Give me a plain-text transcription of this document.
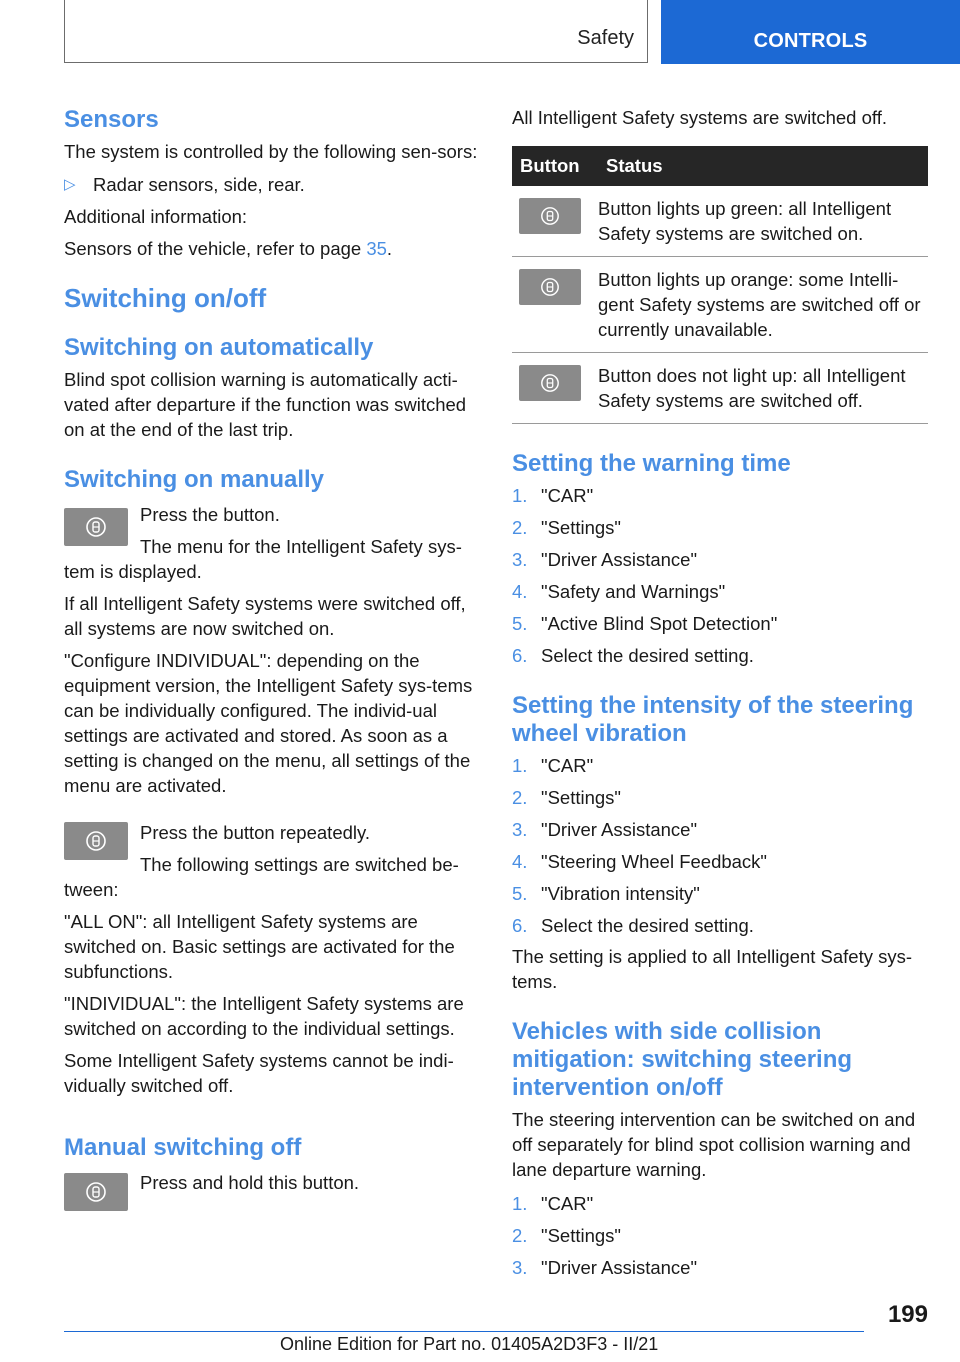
Safety	CONTROLS
Sensors

The system is controlled by the following sen-sors:

▷ Radar sensors, side, rear.

Additional information:

Sensors of the vehicle, refer to page 35.

Switching on/off
Switching on automatically

Blind spot collision warning is automatically acti-vated after departure if the function was switched on at the end of the last trip.

Switching on manually

Press the button.

The menu for the Intelligent Safety sys-

tem is displayed.

If all Intelligent Safety systems were switched off, all systems are now switched on.

"Configure INDIVIDUAL": depending on the equipment version, the Intelligent Safety sys-tems can be individually configured. The individ-ual settings are activated and stored. As soon as a setting is changed on the menu, all settings of the menu are activated.

Press the button repeatedly.

The following settings are switched be-

tween:

"ALL ON": all Intelligent Safety systems are switched on. Basic settings are activated for the subfunctions.

"INDIVIDUAL": the Intelligent Safety systems are switched on according to the individual settings.

Some Intelligent Safety systems cannot be indi-vidually switched off.

Manual switching off

Press and hold this button.

All Intelligent Safety systems are switched off.

Button	Status

	Button lights up green: all Intelligent Safety systems are switched on.

	Button lights up orange: some Intelli-gent Safety systems are switched off or currently unavailable.

	Button does not light up: all Intelligent Safety systems are switched off.
Setting the warning time
1. "CAR"
2. "Settings"
3. "Driver Assistance"
4. "Safety and Warnings"
5. "Active Blind Spot Detection"
6. Select the desired setting.
Setting the intensity of the steering wheel vibration
1. "CAR"
2. "Settings"
3. "Driver Assistance"
4. "Steering Wheel Feedback"
5. "Vibration intensity"
6. Select the desired setting.

The setting is applied to all Intelligent Safety sys-tems.

Vehicles with side collision mitigation: switching steering intervention on/off

The steering intervention can be switched on and off separately for blind spot collision warning and lane departure warning.

1. "CAR"
2. "Settings"
3. "Driver Assistance"
199
Online Edition for Part no. 01405A2D3F3 - II/21
